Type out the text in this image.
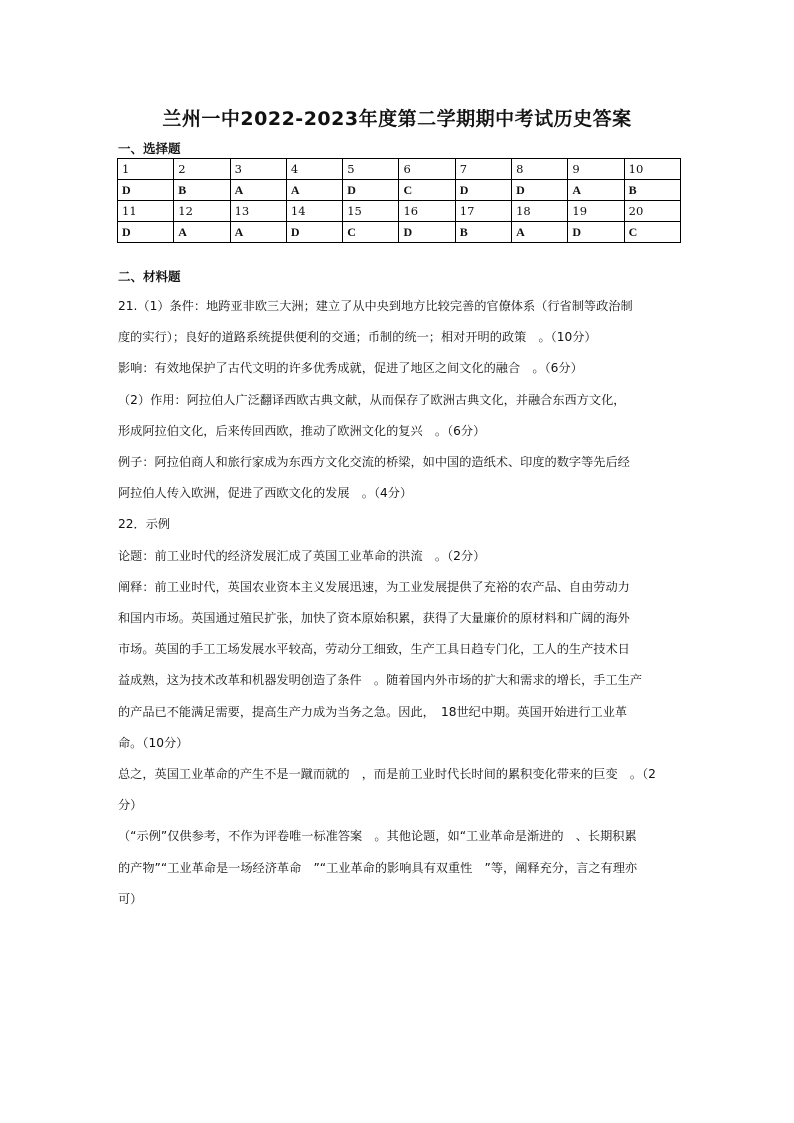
兰州一中2022-2023年度第二学期期中考试历史答案
一、选择题
1	2	3	4	5	6	7	8	9	10
D	B	A	A	D	C	D	D	A	B
11	12	13	14	15	16	17	18	19	20
D	A	A	D	C	D	B	A	D	C
二、材料题

21.（1）条件：地跨亚非欧三大洲；建立了从中央到地方比较完善的官僚体系（行省制等政治制

度的实行）；良好的道路系统提供便利的交通；币制的统一；相对开明的政策　。（10分）

影响：有效地保护了古代文明的许多优秀成就，促进了地区之间文化的融合　。（6分）

（2）作用：阿拉伯人广泛翻译西欧古典文献，从而保存了欧洲古典文化，并融合东西方文化，

形成阿拉伯文化，后来传回西欧，推动了欧洲文化的复兴　。（6分）

例子：阿拉伯商人和旅行家成为东西方文化交流的桥梁，如中国的造纸术、印度的数字等先后经

阿拉伯人传入欧洲，促进了西欧文化的发展　。（4分）

22．示例

论题：前工业时代的经济发展汇成了英国工业革命的洪流　。（2分）

阐释：前工业时代，英国农业资本主义发展迅速，为工业发展提供了充裕的农产品、自由劳动力

和国内市场。英国通过殖民扩张，加快了资本原始积累，获得了大量廉价的原材料和广阔的海外

市场。英国的手工工场发展水平较高，劳动分工细致，生产工具日趋专门化，工人的生产技术日

益成熟，这为技术改革和机器发明创造了条件　。随着国内外市场的扩大和需求的增长，手工生产

的产品已不能满足需要，提高生产力成为当务之急。因此，　18世纪中期。英国开始进行工业革

命。（10分）

总之，英国工业革命的产生不是一蹴而就的　，而是前工业时代长时间的累积变化带来的巨变　。（2

分）

（“示例”仅供参考，不作为评卷唯一标准答案　。其他论题，如“工业革命是渐进的　、长期积累

的产物”“工业革命是一场经济革命　”“工业革命的影响具有双重性　”等，阐释充分，言之有理亦

可）
